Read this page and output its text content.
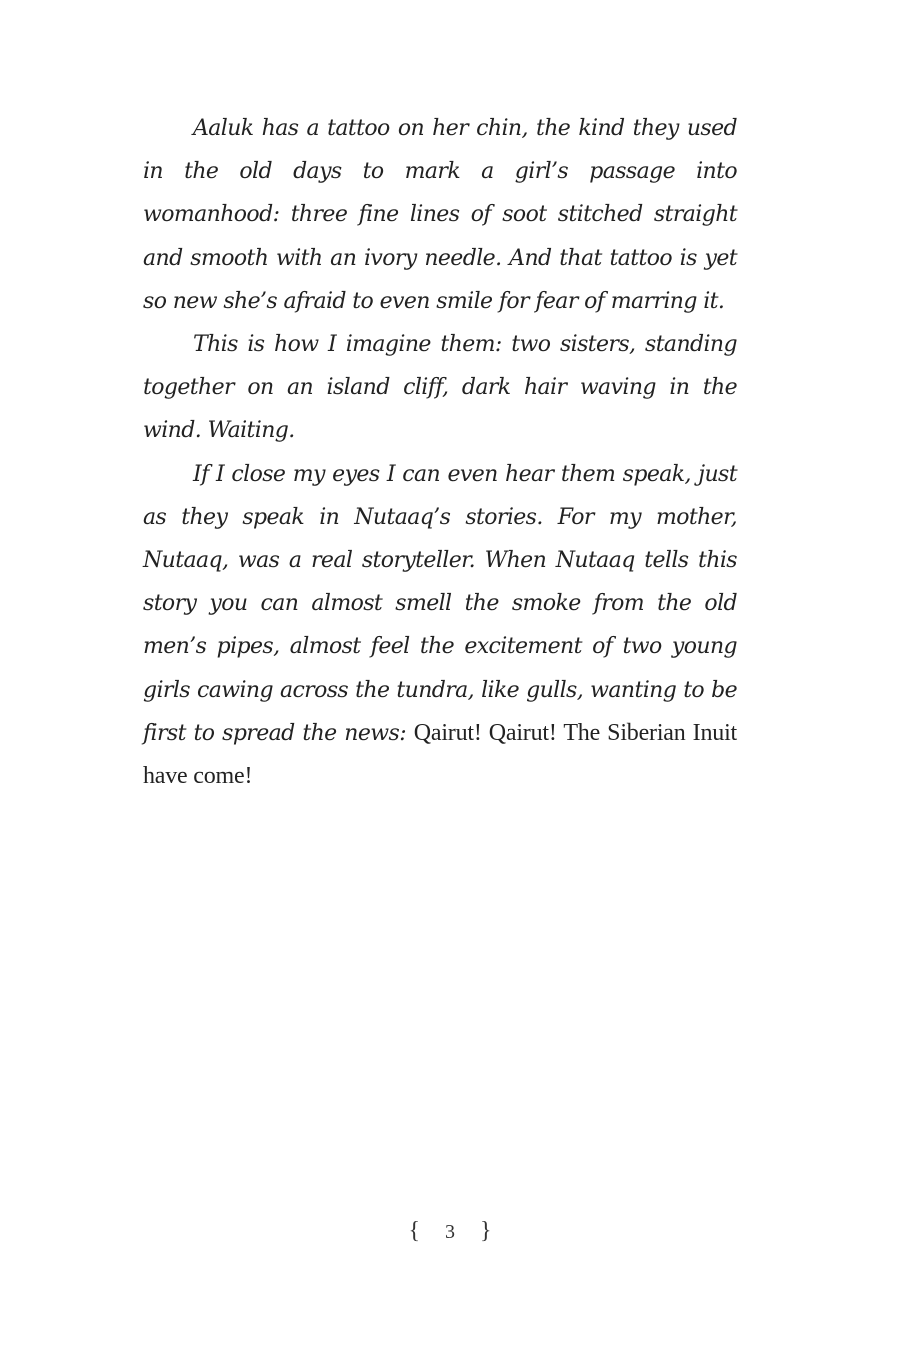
Aaluk has a tattoo on her chin, the kind they used in the old days to mark a girl’s passage into womanhood: three fine lines of soot stitched straight and smooth with an ivory needle. And that tattoo is yet so new she’s afraid to even smile for fear of marring it.

This is how I imagine them: two sisters, standing together on an island cliff, dark hair waving in the wind. Waiting.

If I close my eyes I can even hear them speak, just as they speak in Nutaaq’s stories. For my mother, Nutaaq, was a real storyteller. When Nutaaq tells this story you can almost smell the smoke from the old men’s pipes, almost feel the excitement of two young girls cawing across the tundra, like gulls, wanting to be first to spread the news: Qairut! Qairut! The Siberian Inuit have come!

{ 3 }
